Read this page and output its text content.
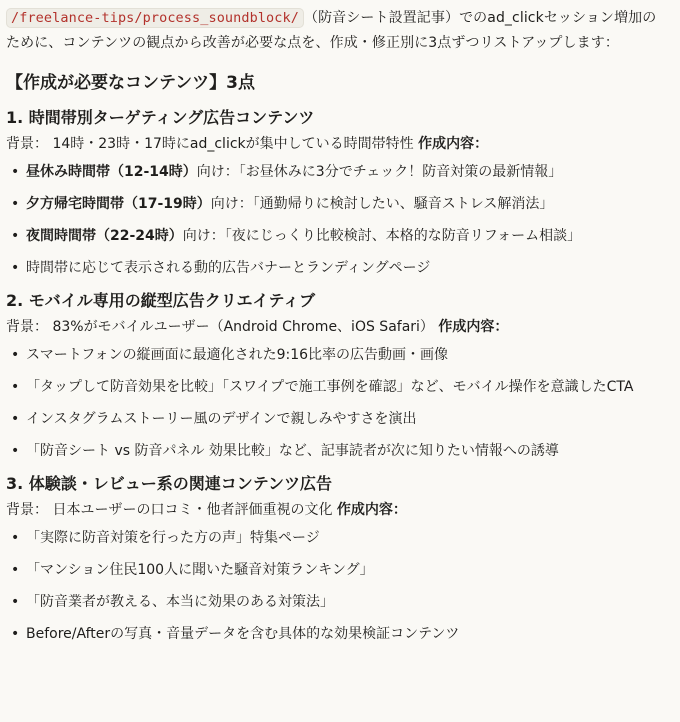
/freelance-tips/process_soundblock/ （防音シート設置記事）でのad_clickセッション増加のために、コンテンツの観点から改善が必要な点を、作成・修正別に3点ずつリストアップします：
【作成が必要なコンテンツ】3点
1. 時間帯別ターゲティング広告コンテンツ
背景： 14時・23時・17時にad_clickが集中している時間帯特性 作成内容：
• 昼休み時間帯（12-14時）向け：「お昼休みに3分でチェック！防音対策の最新情報」
• 夕方帰宅時間帯（17-19時）向け：「通勤帰りに検討したい、騒音ストレス解消法」
• 夜間時間帯（22-24時）向け：「夜にじっくり比較検討、本格的な防音リフォーム相談」
• 時間帯に応じて表示される動的広告バナーとランディングページ
2. モバイル専用の縦型広告クリエイティブ
背景： 83%がモバイルユーザー（Android Chrome、iOS Safari） 作成内容：
• スマートフォンの縦画面に最適化された9:16比率の広告動画・画像
• 「タップして防音効果を比較」「スワイプで施工事例を確認」など、モバイル操作を意識したCTA
• インスタグラムストーリー風のデザインで親しみやすさを演出
• 「防音シート vs 防音パネル 効果比較」など、記事読者が次に知りたい情報への誘導
3. 体験談・レビュー系の関連コンテンツ広告
背景： 日本ユーザーの口コミ・他者評価重視の文化 作成内容：
• 「実際に防音対策を行った方の声」特集ページ
• 「マンション住民100人に聞いた騒音対策ランキング」
• 「防音業者が教える、本当に効果のある対策法」
• Before/Afterの写真・音量データを含む具体的な効果検証コンテンツ
